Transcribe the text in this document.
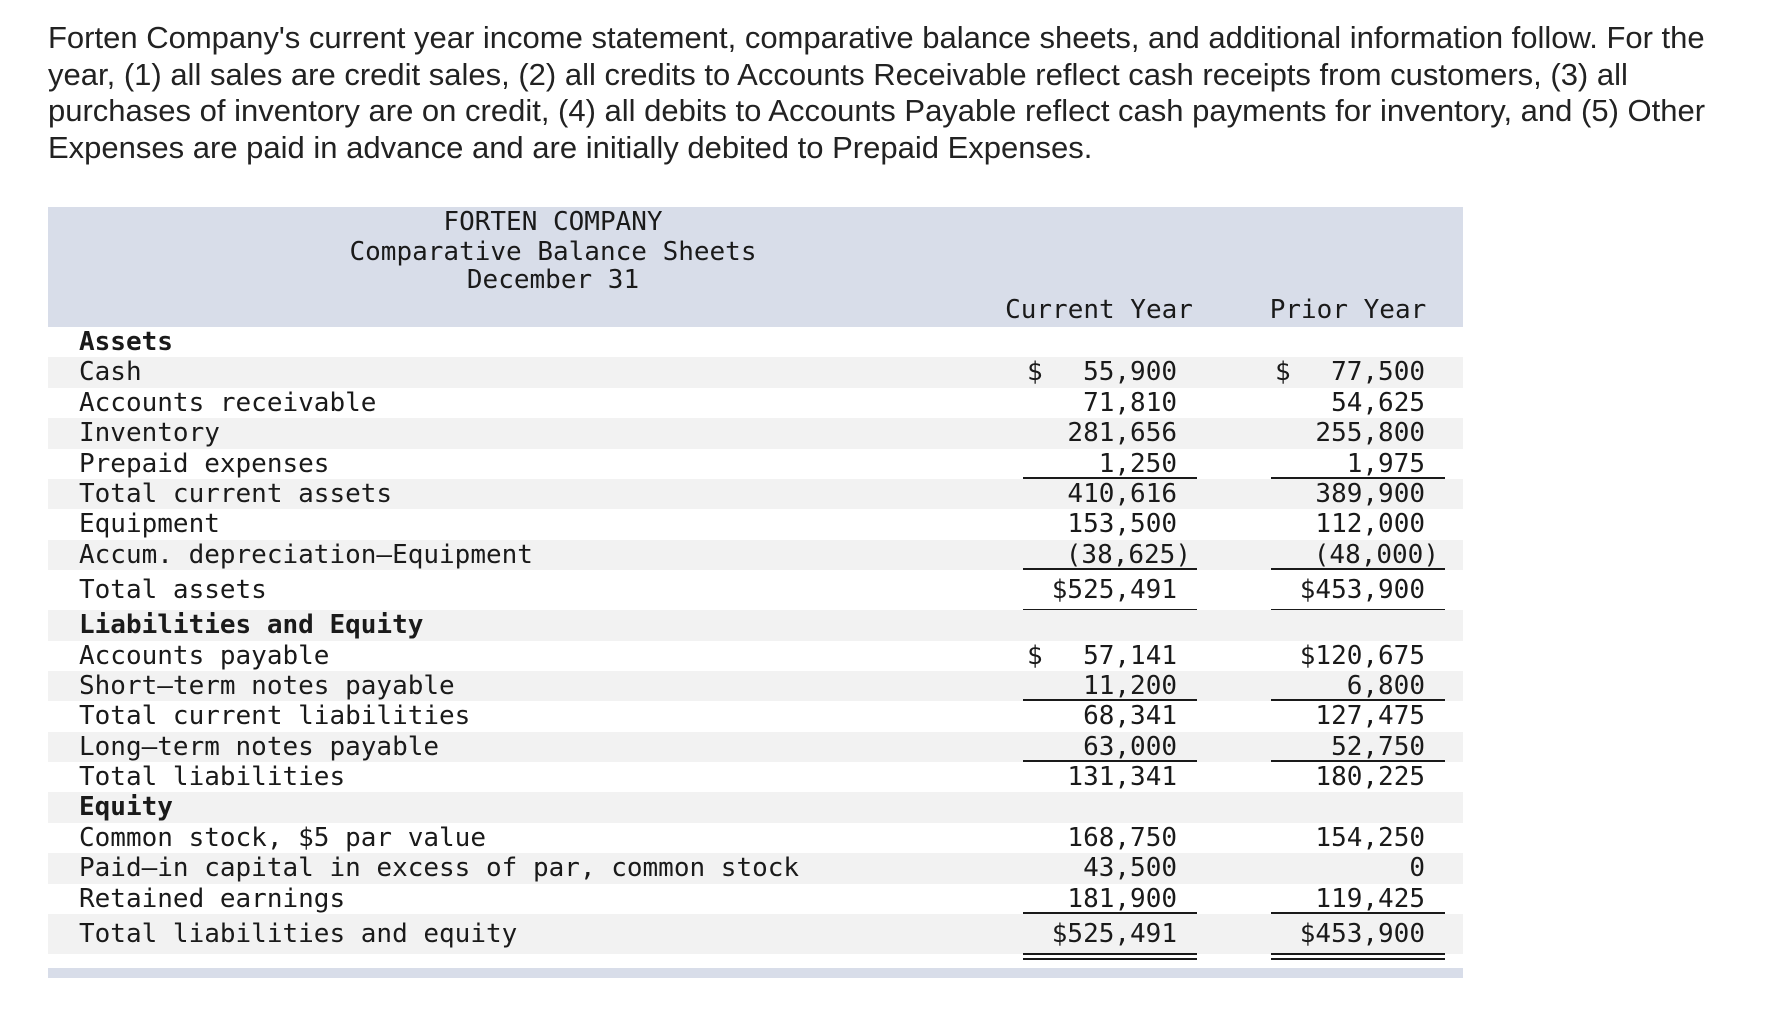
Forten Company's current year income statement, comparative balance sheets, and additional information follow. For the year, (1) all sales are credit sales, (2) all credits to Accounts Receivable reflect cash receipts from customers, (3) all purchases of inventory are on credit, (4) all debits to Accounts Payable reflect cash payments for inventory, and (5) Other Expenses are paid in advance and are initially debited to Prepaid Expenses.
FORTEN COMPANY
Comparative Balance Sheets
December 31
Current Year	Prior Year
Assets
Cash	$ 55,900	$ 77,500
Accounts receivable	71,810	54,625
Inventory	281,656	255,800
Prepaid expenses	1,250	1,975
Total current assets	410,616	389,900
Equipment	153,500	112,000
Accum. depreciation—Equipment	(38,625)	(48,000)
Total assets	$525,491	$453,900
Liabilities and Equity
Accounts payable	$ 57,141	$120,675
Short—term notes payable	11,200	6,800
Total current liabilities	68,341	127,475
Long—term notes payable	63,000	52,750
Total liabilities	131,341	180,225
Equity
Common stock, $5 par value	168,750	154,250
Paid—in capital in excess of par, common stock	43,500	0
Retained earnings	181,900	119,425
Total liabilities and equity	$525,491	$453,900
